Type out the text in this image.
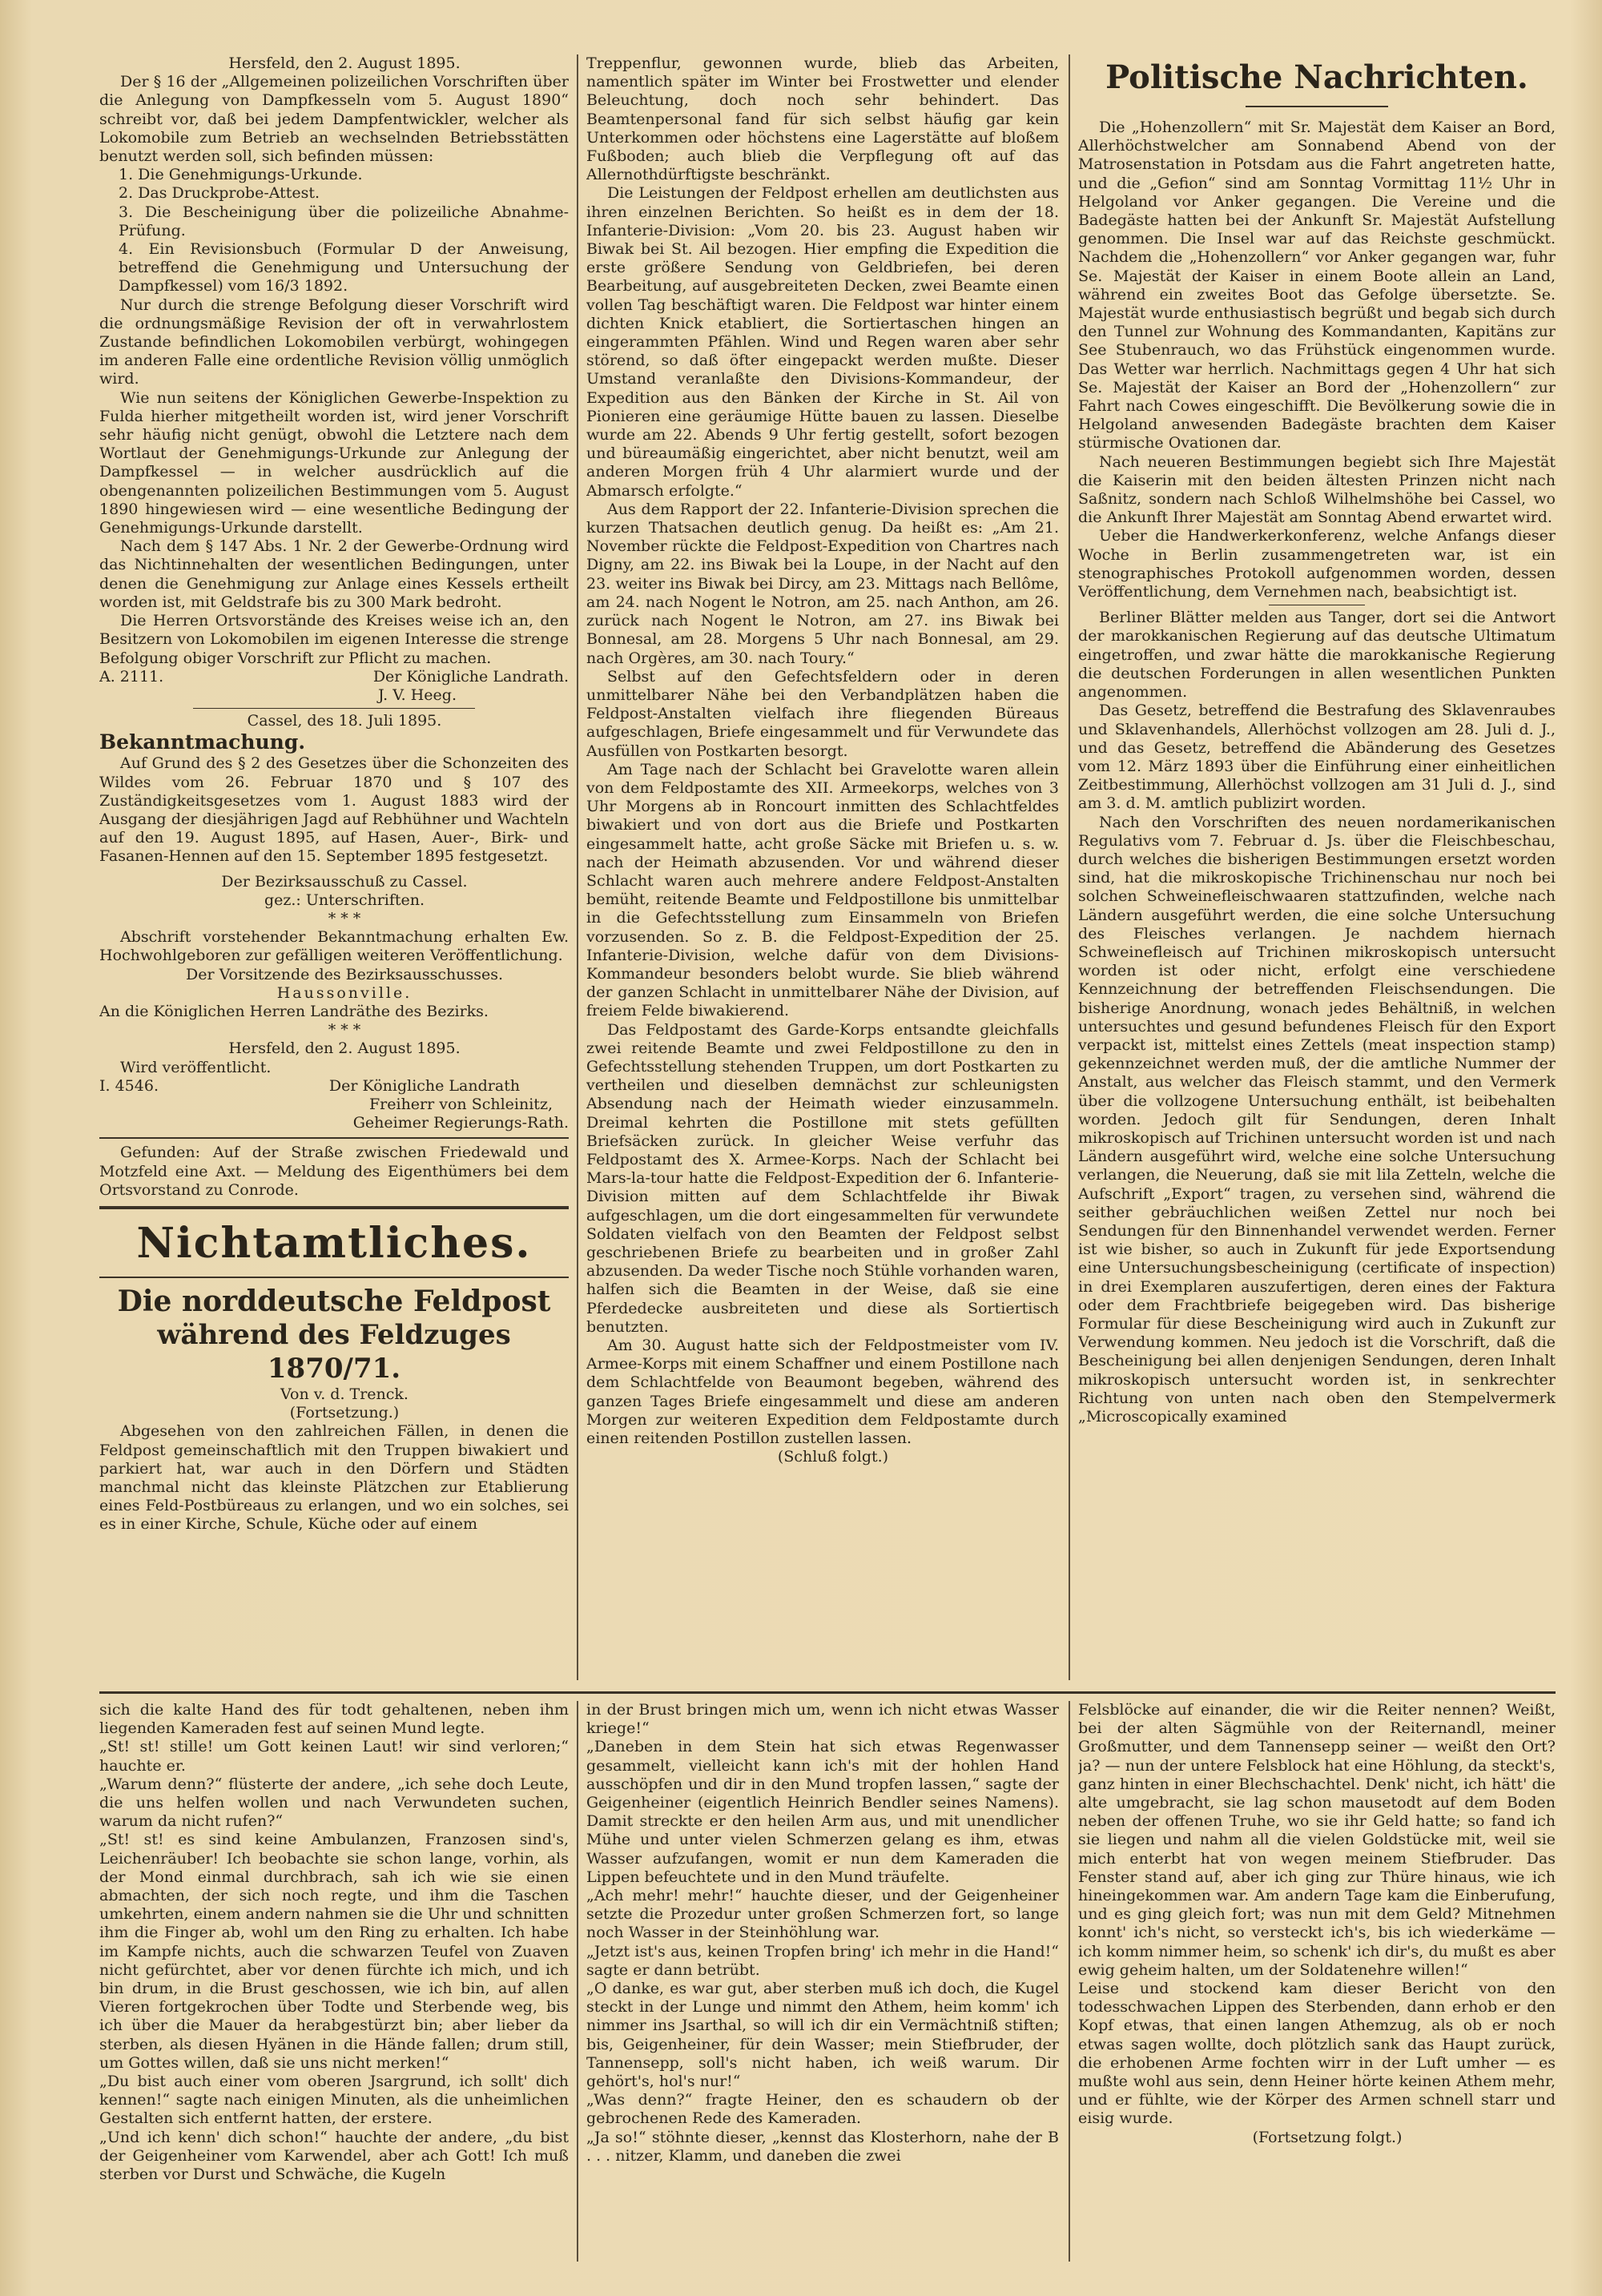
Hersfeld, den 2. August 1895.

Der § 16 der „Allgemeinen polizeilichen Vorschriften über die Anlegung von Dampfkesseln vom 5. August 1890“ schreibt vor, daß bei jedem Dampfentwickler, welcher als Lokomobile zum Betrieb an wechselnden Betriebsstätten benutzt werden soll, sich befinden müssen:

1. Die Genehmigungs-Urkunde.

2. Das Druckprobe-Attest.

3. Die Bescheinigung über die polizeiliche Abnahme-Prüfung.

4. Ein Revisionsbuch (Formular D der Anweisung, betreffend die Genehmigung und Untersuchung der Dampfkessel) vom 16/3 1892.

Nur durch die strenge Befolgung dieser Vorschrift wird die ordnungsmäßige Revision der oft in verwahrlostem Zustande befindlichen Lokomobilen verbürgt, wohingegen im anderen Falle eine ordentliche Revision völlig unmöglich wird.

Wie nun seitens der Königlichen Gewerbe-Inspektion zu Fulda hierher mitgetheilt worden ist, wird jener Vorschrift sehr häufig nicht genügt, obwohl die Letztere nach dem Wortlaut der Genehmigungs-Urkunde zur Anlegung der Dampfkessel — in welcher ausdrücklich auf die obengenannten polizeilichen Bestimmungen vom 5. August 1890 hingewiesen wird — eine wesentliche Bedingung der Genehmigungs-Urkunde darstellt.

Nach dem § 147 Abs. 1 Nr. 2 der Gewerbe-Ordnung wird das Nichtinnehalten der wesentlichen Bedingungen, unter denen die Genehmigung zur Anlage eines Kessels ertheilt worden ist, mit Geldstrafe bis zu 300 Mark bedroht.

Die Herren Ortsvorstände des Kreises weise ich an, den Besitzern von Lokomobilen im eigenen Interesse die strenge Befolgung obiger Vorschrift zur Pflicht zu machen.

A. 2111.	Der Königliche Landrath.

J. V. Heeg.

Cassel, des 18. Juli 1895.

Bekanntmachung.

Auf Grund des § 2 des Gesetzes über die Schonzeiten des Wildes vom 26. Februar 1870 und § 107 des Zuständigkeitsgesetzes vom 1. August 1883 wird der Ausgang der diesjährigen Jagd auf Rebhühner und Wachteln auf den 19. August 1895, auf Hasen, Auer-, Birk- und Fasanen-Hennen auf den 15. September 1895 festgesetzt.

Der Bezirksausschuß zu Cassel.

gez.: Unterschriften.

* * *

Abschrift vorstehender Bekanntmachung erhalten Ew. Hochwohlgeboren zur gefälligen weiteren Veröffentlichung.

Der Vorsitzende des Bezirksausschusses.

Haussonville.

An die Königlichen Herren Landräthe des Bezirks.

* * *

Hersfeld, den 2. August 1895.

Wird veröffentlicht.

I. 4546.	Der Königliche Landrath

Freiherr von Schleinitz,

Geheimer Regierungs-Rath.

Gefunden: Auf der Straße zwischen Friedewald und Motzfeld eine Axt. — Meldung des Eigenthümers bei dem Ortsvorstand zu Conrode.

Nichtamtliches.

Die norddeutsche Feldpost

während des Feldzuges 1870/71.

Von v. d. Trenck.

(Fortsetzung.)

Abgesehen von den zahlreichen Fällen, in denen die Feldpost gemeinschaftlich mit den Truppen biwakiert und parkiert hat, war auch in den Dörfern und Städten manchmal nicht das kleinste Plätzchen zur Etablierung eines Feld-Postbüreaus zu erlangen, und wo ein solches, sei es in einer Kirche, Schule, Küche oder auf einem

Treppenflur, gewonnen wurde, blieb das Arbeiten, namentlich später im Winter bei Frostwetter und elender Beleuchtung, doch noch sehr behindert. Das Beamtenpersonal fand für sich selbst häufig gar kein Unterkommen oder höchstens eine Lagerstätte auf bloßem Fußboden; auch blieb die Verpflegung oft auf das Allernothdürftigste beschränkt.

Die Leistungen der Feldpost erhellen am deutlichsten aus ihren einzelnen Berichten. So heißt es in dem der 18. Infanterie-Division: „Vom 20. bis 23. August haben wir Biwak bei St. Ail bezogen. Hier empfing die Expedition die erste größere Sendung von Geldbriefen, bei deren Bearbeitung, auf ausgebreiteten Decken, zwei Beamte einen vollen Tag beschäftigt waren. Die Feldpost war hinter einem dichten Knick etabliert, die Sortiertaschen hingen an eingerammten Pfählen. Wind und Regen waren aber sehr störend, so daß öfter eingepackt werden mußte. Dieser Umstand veranlaßte den Divisions-Kommandeur, der Expedition aus den Bänken der Kirche in St. Ail von Pionieren eine geräumige Hütte bauen zu lassen. Dieselbe wurde am 22. Abends 9 Uhr fertig gestellt, sofort bezogen und büreaumäßig eingerichtet, aber nicht benutzt, weil am anderen Morgen früh 4 Uhr alarmiert wurde und der Abmarsch erfolgte.“

Aus dem Rapport der 22. Infanterie-Division sprechen die kurzen Thatsachen deutlich genug. Da heißt es: „Am 21. November rückte die Feldpost-Expedition von Chartres nach Digny, am 22. ins Biwak bei la Loupe, in der Nacht auf den 23. weiter ins Biwak bei Dircy, am 23. Mittags nach Bellôme, am 24. nach Nogent le Notron, am 25. nach Anthon, am 26. zurück nach Nogent le Notron, am 27. ins Biwak bei Bonnesal, am 28. Morgens 5 Uhr nach Bonnesal, am 29. nach Orgères, am 30. nach Toury.“

Selbst auf den Gefechtsfeldern oder in deren unmittelbarer Nähe bei den Verbandplätzen haben die Feldpost-Anstalten vielfach ihre fliegenden Büreaus aufgeschlagen, Briefe eingesammelt und für Verwundete das Ausfüllen von Postkarten besorgt.

Am Tage nach der Schlacht bei Gravelotte waren allein von dem Feldpostamte des XII. Armeekorps, welches von 3 Uhr Morgens ab in Roncourt inmitten des Schlachtfeldes biwakiert und von dort aus die Briefe und Postkarten eingesammelt hatte, acht große Säcke mit Briefen u. s. w. nach der Heimath abzusenden. Vor und während dieser Schlacht waren auch mehrere andere Feldpost-Anstalten bemüht, reitende Beamte und Feldpostillone bis unmittelbar in die Gefechtsstellung zum Einsammeln von Briefen vorzusenden. So z. B. die Feldpost-Expedition der 25. Infanterie-Division, welche dafür von dem Divisions-Kommandeur besonders belobt wurde. Sie blieb während der ganzen Schlacht in unmittelbarer Nähe der Division, auf freiem Felde biwakierend.

Das Feldpostamt des Garde-Korps entsandte gleichfalls zwei reitende Beamte und zwei Feldpostillone zu den in Gefechtsstellung stehenden Truppen, um dort Postkarten zu vertheilen und dieselben demnächst zur schleunigsten Absendung nach der Heimath wieder einzusammeln. Dreimal kehrten die Postillone mit stets gefüllten Briefsäcken zurück. In gleicher Weise verfuhr das Feldpostamt des X. Armee-Korps. Nach der Schlacht bei Mars-la-tour hatte die Feldpost-Expedition der 6. Infanterie-Division mitten auf dem Schlachtfelde ihr Biwak aufgeschlagen, um die dort eingesammelten für verwundete Soldaten vielfach von den Beamten der Feldpost selbst geschriebenen Briefe zu bearbeiten und in großer Zahl abzusenden. Da weder Tische noch Stühle vorhanden waren, halfen sich die Beamten in der Weise, daß sie eine Pferdedecke ausbreiteten und diese als Sortiertisch benutzten.

Am 30. August hatte sich der Feldpostmeister vom IV. Armee-Korps mit einem Schaffner und einem Postillone nach dem Schlachtfelde von Beaumont begeben, während des ganzen Tages Briefe eingesammelt und diese am anderen Morgen zur weiteren Expedition dem Feldpostamte durch einen reitenden Postillon zustellen lassen.

(Schluß folgt.)

Politische Nachrichten.

Die „Hohenzollern“ mit Sr. Majestät dem Kaiser an Bord, Allerhöchstwelcher am Sonnabend Abend von der Matrosenstation in Potsdam aus die Fahrt angetreten hatte, und die „Gefion“ sind am Sonntag Vormittag 11½ Uhr in Helgoland vor Anker gegangen. Die Vereine und die Badegäste hatten bei der Ankunft Sr. Majestät Aufstellung genommen. Die Insel war auf das Reichste geschmückt. Nachdem die „Hohenzollern“ vor Anker gegangen war, fuhr Se. Majestät der Kaiser in einem Boote allein an Land, während ein zweites Boot das Gefolge übersetzte. Se. Majestät wurde enthusiastisch begrüßt und begab sich durch den Tunnel zur Wohnung des Kommandanten, Kapitäns zur See Stubenrauch, wo das Frühstück eingenommen wurde. Das Wetter war herrlich. Nachmittags gegen 4 Uhr hat sich Se. Majestät der Kaiser an Bord der „Hohenzollern“ zur Fahrt nach Cowes eingeschifft. Die Bevölkerung sowie die in Helgoland anwesenden Badegäste brachten dem Kaiser stürmische Ovationen dar.

Nach neueren Bestimmungen begiebt sich Ihre Majestät die Kaiserin mit den beiden ältesten Prinzen nicht nach Saßnitz, sondern nach Schloß Wilhelmshöhe bei Cassel, wo die Ankunft Ihrer Majestät am Sonntag Abend erwartet wird.

Ueber die Handwerkerkonferenz, welche Anfangs dieser Woche in Berlin zusammengetreten war, ist ein stenographisches Protokoll aufgenommen worden, dessen Veröffentlichung, dem Vernehmen nach, beabsichtigt ist.

Berliner Blätter melden aus Tanger, dort sei die Antwort der marokkanischen Regierung auf das deutsche Ultimatum eingetroffen, und zwar hätte die marokkanische Regierung die deutschen Forderungen in allen wesentlichen Punkten angenommen.

Das Gesetz, betreffend die Bestrafung des Sklavenraubes und Sklavenhandels, Allerhöchst vollzogen am 28. Juli d. J., und das Gesetz, betreffend die Abänderung des Gesetzes vom 12. März 1893 über die Einführung einer einheitlichen Zeitbestimmung, Allerhöchst vollzogen am 31 Juli d. J., sind am 3. d. M. amtlich publizirt worden.

Nach den Vorschriften des neuen nordamerikanischen Regulativs vom 7. Februar d. Js. über die Fleischbeschau, durch welches die bisherigen Bestimmungen ersetzt worden sind, hat die mikroskopische Trichinenschau nur noch bei solchen Schweinefleischwaaren stattzufinden, welche nach Ländern ausgeführt werden, die eine solche Untersuchung des Fleisches verlangen. Je nachdem hiernach Schweinefleisch auf Trichinen mikroskopisch untersucht worden ist oder nicht, erfolgt eine verschiedene Kennzeichnung der betreffenden Fleischsendungen. Die bisherige Anordnung, wonach jedes Behältniß, in welchen untersuchtes und gesund befundenes Fleisch für den Export verpackt ist, mittelst eines Zettels (meat inspection stamp) gekennzeichnet werden muß, der die amtliche Nummer der Anstalt, aus welcher das Fleisch stammt, und den Vermerk über die vollzogene Untersuchung enthält, ist beibehalten worden. Jedoch gilt für Sendungen, deren Inhalt mikroskopisch auf Trichinen untersucht worden ist und nach Ländern ausgeführt wird, welche eine solche Untersuchung verlangen, die Neuerung, daß sie mit lila Zetteln, welche die Aufschrift „Export“ tragen, zu versehen sind, während die seither gebräuchlichen weißen Zettel nur noch bei Sendungen für den Binnenhandel verwendet werden. Ferner ist wie bisher, so auch in Zukunft für jede Exportsendung eine Untersuchungsbescheinigung (certificate of inspection) in drei Exemplaren auszufertigen, deren eines der Faktura oder dem Frachtbriefe beigegeben wird. Das bisherige Formular für diese Bescheinigung wird auch in Zukunft zur Verwendung kommen. Neu jedoch ist die Vorschrift, daß die Bescheinigung bei allen denjenigen Sendungen, deren Inhalt mikroskopisch untersucht worden ist, in senkrechter Richtung von unten nach oben den Stempelvermerk „Microscopically examined

sich die kalte Hand des für todt gehaltenen, neben ihm liegenden Kameraden fest auf seinen Mund legte.
„St! st! stille! um Gott keinen Laut! wir sind verloren;“ hauchte er.
„Warum denn?“ flüsterte der andere, „ich sehe doch Leute, die uns helfen wollen und nach Verwundeten suchen, warum da nicht rufen?“
„St! st! es sind keine Ambulanzen, Franzosen sind's, Leichenräuber! Ich beobachte sie schon lange, vorhin, als der Mond einmal durchbrach, sah ich wie sie einen abmachten, der sich noch regte, und ihm die Taschen umkehrten, einem andern nahmen sie die Uhr und schnitten ihm die Finger ab, wohl um den Ring zu erhalten. Ich habe im Kampfe nichts, auch die schwarzen Teufel von Zuaven nicht gefürchtet, aber vor denen fürchte ich mich, und ich bin drum, in die Brust geschossen, wie ich bin, auf allen Vieren fortgekrochen über Todte und Sterbende weg, bis ich über die Mauer da herabgestürzt bin; aber lieber da sterben, als diesen Hyänen in die Hände fallen; drum still, um Gottes willen, daß sie uns nicht merken!“
„Du bist auch einer vom oberen Jsargrund, ich sollt' dich kennen!“ sagte nach einigen Minuten, als die unheimlichen Gestalten sich entfernt hatten, der erstere.
„Und ich kenn' dich schon!“ hauchte der andere, „du bist der Geigenheiner vom Karwendel, aber ach Gott! Ich muß sterben vor Durst und Schwäche, die Kugeln

in der Brust bringen mich um, wenn ich nicht etwas Wasser kriege!“
„Daneben in dem Stein hat sich etwas Regenwasser gesammelt, vielleicht kann ich's mit der hohlen Hand ausschöpfen und dir in den Mund tropfen lassen,“ sagte der Geigenheiner (eigentlich Heinrich Bendler seines Namens). Damit streckte er den heilen Arm aus, und mit unendlicher Mühe und unter vielen Schmerzen gelang es ihm, etwas Wasser aufzufangen, womit er nun dem Kameraden die Lippen befeuchtete und in den Mund träufelte.
„Ach mehr! mehr!“ hauchte dieser, und der Geigenheiner setzte die Prozedur unter großen Schmerzen fort, so lange noch Wasser in der Steinhöhlung war.
„Jetzt ist's aus, keinen Tropfen bring' ich mehr in die Hand!“ sagte er dann betrübt.
„O danke, es war gut, aber sterben muß ich doch, die Kugel steckt in der Lunge und nimmt den Athem, heim komm' ich nimmer ins Jsarthal, so will ich dir ein Vermächtniß stiften; bis, Geigenheiner, für dein Wasser; mein Stiefbruder, der Tannensepp, soll's nicht haben, ich weiß warum. Dir gehört's, hol's nur!“
„Was denn?“ fragte Heiner, den es schaudern ob der gebrochenen Rede des Kameraden.
„Ja so!“ stöhnte dieser, „kennst das Klosterhorn, nahe der B . . . nitzer, Klamm, und daneben die zwei

Felsblöcke auf einander, die wir die Reiter nennen? Weißt, bei der alten Sägmühle von der Reiternandl, meiner Großmutter, und dem Tannensepp seiner — weißt den Ort? ja? — nun der untere Felsblock hat eine Höhlung, da steckt's, ganz hinten in einer Blechschachtel. Denk' nicht, ich hätt' die alte umgebracht, sie lag schon mausetodt auf dem Boden neben der offenen Truhe, wo sie ihr Geld hatte; so fand ich sie liegen und nahm all die vielen Goldstücke mit, weil sie mich enterbt hat von wegen meinem Stiefbruder. Das Fenster stand auf, aber ich ging zur Thüre hinaus, wie ich hineingekommen war. Am andern Tage kam die Einberufung, und es ging gleich fort; was nun mit dem Geld? Mitnehmen konnt' ich's nicht, so versteckt ich's, bis ich wiederkäme — ich komm nimmer heim, so schenk' ich dir's, du mußt es aber ewig geheim halten, um der Soldatenehre willen!“
Leise und stockend kam dieser Bericht von den todesschwachen Lippen des Sterbenden, dann erhob er den Kopf etwas, that einen langen Athemzug, als ob er noch etwas sagen wollte, doch plötzlich sank das Haupt zurück, die erhobenen Arme fochten wirr in der Luft umher — es mußte wohl aus sein, denn Heiner hörte keinen Athem mehr, und er fühlte, wie der Körper des Armen schnell starr und eisig wurde.

(Fortsetzung folgt.)
